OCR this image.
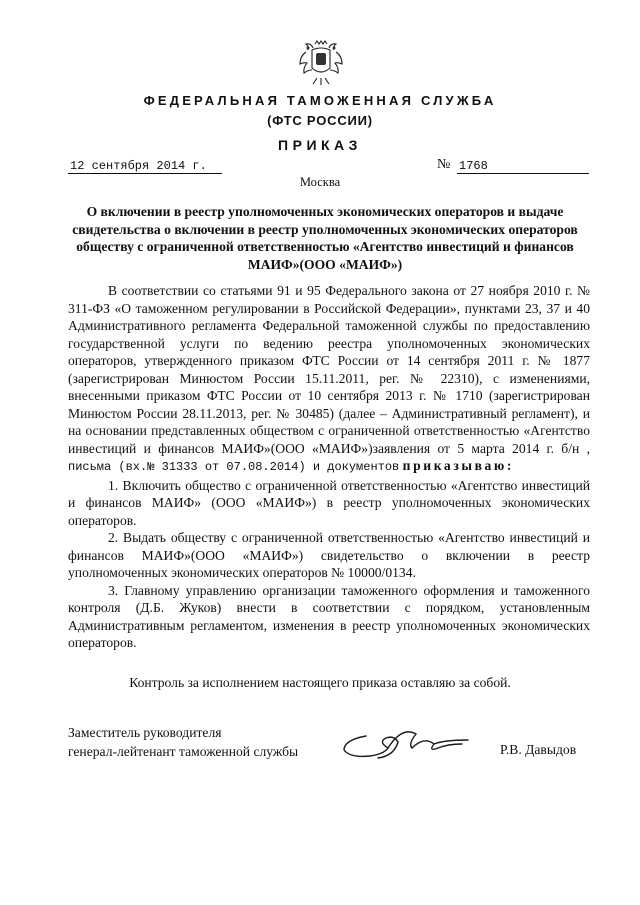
ФЕДЕРАЛЬНАЯ ТАМОЖЕННАЯ СЛУЖБА
(ФТС РОССИИ)
ПРИКАЗ
12 сентября 2014 г.	№ 1768
Москва
О включении в реестр уполномоченных экономических операторов и выдаче свидетельства о включении в реестр уполномоченных экономических операторов обществу с ограниченной ответственностью «Агентство инвестиций и финансов МАИФ»(ООО «МАИФ»)

В соответствии со статьями 91 и 95 Федерального закона от 27 ноября 2010 г. № 311-ФЗ «О таможенном регулировании в Российской Федерации», пунктами 23, 37 и 40 Административного регламента Федеральной таможенной службы по предоставлению государственной услуги по ведению реестра уполномоченных экономических операторов, утвержденного приказом ФТС России от 14 сентября 2011 г. № 1877 (зарегистрирован Минюстом России 15.11.2011, рег. № 22310), с изменениями, внесенными приказом ФТС России от 10 сентября 2013 г. № 1710 (зарегистрирован Минюстом России 28.11.2013, рег. № 30485) (далее – Административный регламент), и на основании представленных обществом с ограниченной ответственностью «Агентство инвестиций и финансов МАИФ»(ООО «МАИФ»)заявления от 5 марта 2014 г. б/н , письма (вх.№ 31333 от 07.08.2014) и документов приказываю:

1. Включить общество с ограниченной ответственностью «Агентство инвестиций и финансов МАИФ» (ООО «МАИФ») в реестр уполномоченных экономических операторов.

2. Выдать обществу с ограниченной ответственностью «Агентство инвестиций и финансов МАИФ»(ООО «МАИФ») свидетельство о включении в реестр уполномоченных экономических операторов № 10000/0134.

3. Главному управлению организации таможенного оформления и таможенного контроля (Д.Б. Жуков) внести в соответствии с порядком, установленным Административным регламентом, изменения в реестр уполномоченных экономических операторов.

Контроль за исполнением настоящего приказа оставляю за собой.
Заместитель руководителя
генерал-лейтенант таможенной службы	Р.В. Давыдов
